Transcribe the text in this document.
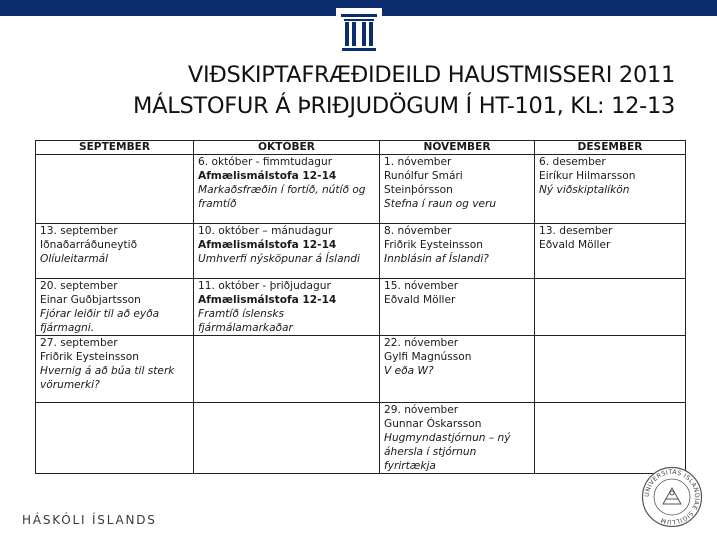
VIÐSKIPTAFRÆÐIDEILD HAUSTMISSERI 2011
MÁLSTOFUR Á ÞRIÐJUDÖGUM Í HT-101, KL: 12-13
SEPTEMBER	OKTÓBER	NÓVEMBER	DESEMBER

	6. október - fimmtudagur
Afmælismálstofa 12-14
Markaðsfræðin í fortíð, nútíð og framtíð	1. nóvember
Runólfur Smári Steinþórsson
Stefna í raun og veru	6. desember
Eiríkur Hilmarsson
Ný viðskiptalíkön

13. september
Iðnaðarráðuneytið
Olíuleitarmál	10. október – mánudagur
Afmælismálstofa 12-14
Umhverfi nýsköpunar á Íslandi	8. nóvember
Friðrik Eysteinsson
Innblásin af Íslandi?	13. desember
Eðvald Möller

20. september
Einar Guðbjartsson
Fjórar leiðir til að eyða fjármagni.	11. október - þriðjudagur
Afmælismálstofa 12-14
Framtíð íslensks fjármálamarkaðar	15. nóvember
Eðvald Möller	

27. september
Friðrik Eysteinsson
Hvernig á að búa til sterk vörumerki?		22. nóvember
Gylfi Magnússon
V eða W?	

		29. nóvember
Gunnar Óskarsson
Hugmyndastjórnun – ný áhersla í stjórnun fyrirtækja	

HÁSKÓLI ÍSLANDS
UNIVERSITAS ISLANDIAE SIGILLUM
